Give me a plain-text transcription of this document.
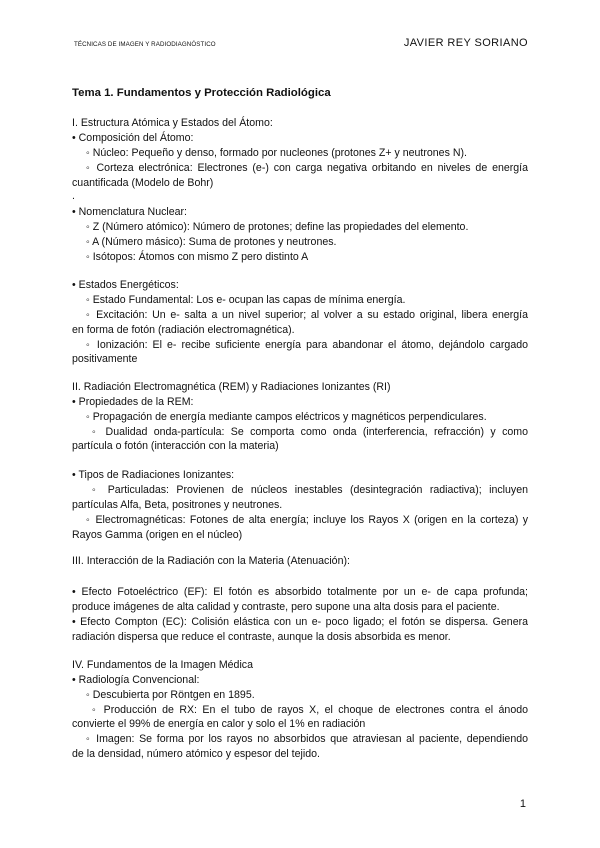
TÉCNICAS DE IMAGEN Y RADIODIAGNÓSTICO	JAVIER REY SORIANO
Tema 1. Fundamentos y Protección Radiológica
I. Estructura Atómica y Estados del Átomo:
• Composición del Átomo:
◦ Núcleo: Pequeño y denso, formado por nucleones (protones Z+ y neutrones N).
◦ Corteza electrónica: Electrones (e-) con carga negativa orbitando en niveles de energía
cuantificada (Modelo de Bohr)
.
• Nomenclatura Nuclear:
◦ Z (Número atómico): Número de protones; define las propiedades del elemento.
◦ A (Número másico): Suma de protones y neutrones.
◦ Isótopos: Átomos con mismo Z pero distinto A
• Estados Energéticos:
◦ Estado Fundamental: Los e- ocupan las capas de mínima energía.
◦ Excitación: Un e- salta a un nivel superior; al volver a su estado original, libera energía
en forma de fotón (radiación electromagnética).
◦ Ionización: El e- recibe suficiente energía para abandonar el átomo, dejándolo cargado
positivamente
II. Radiación Electromagnética (REM) y Radiaciones Ionizantes (RI)
• Propiedades de la REM:
◦ Propagación de energía mediante campos eléctricos y magnéticos perpendiculares.
◦ Dualidad onda-partícula: Se comporta como onda (interferencia, refracción) y como
partícula o fotón (interacción con la materia)
• Tipos de Radiaciones Ionizantes:
◦ Particuladas: Provienen de núcleos inestables (desintegración radiactiva); incluyen
partículas Alfa, Beta, positrones y neutrones.
◦ Electromagnéticas: Fotones de alta energía; incluye los Rayos X (origen en la corteza) y
Rayos Gamma (origen en el núcleo)
III. Interacción de la Radiación con la Materia (Atenuación):
• Efecto Fotoeléctrico (EF): El fotón es absorbido totalmente por un e- de capa profunda;
produce imágenes de alta calidad y contraste, pero supone una alta dosis para el paciente.
• Efecto Compton (EC): Colisión elástica con un e- poco ligado; el fotón se dispersa. Genera
radiación dispersa que reduce el contraste, aunque la dosis absorbida es menor.
IV. Fundamentos de la Imagen Médica
• Radiología Convencional:
◦ Descubierta por Röntgen en 1895.
◦ Producción de RX: En el tubo de rayos X, el choque de electrones contra el ánodo
convierte el 99% de energía en calor y solo el 1% en radiación
◦ Imagen: Se forma por los rayos no absorbidos que atraviesan al paciente, dependiendo
de la densidad, número atómico y espesor del tejido.
1
